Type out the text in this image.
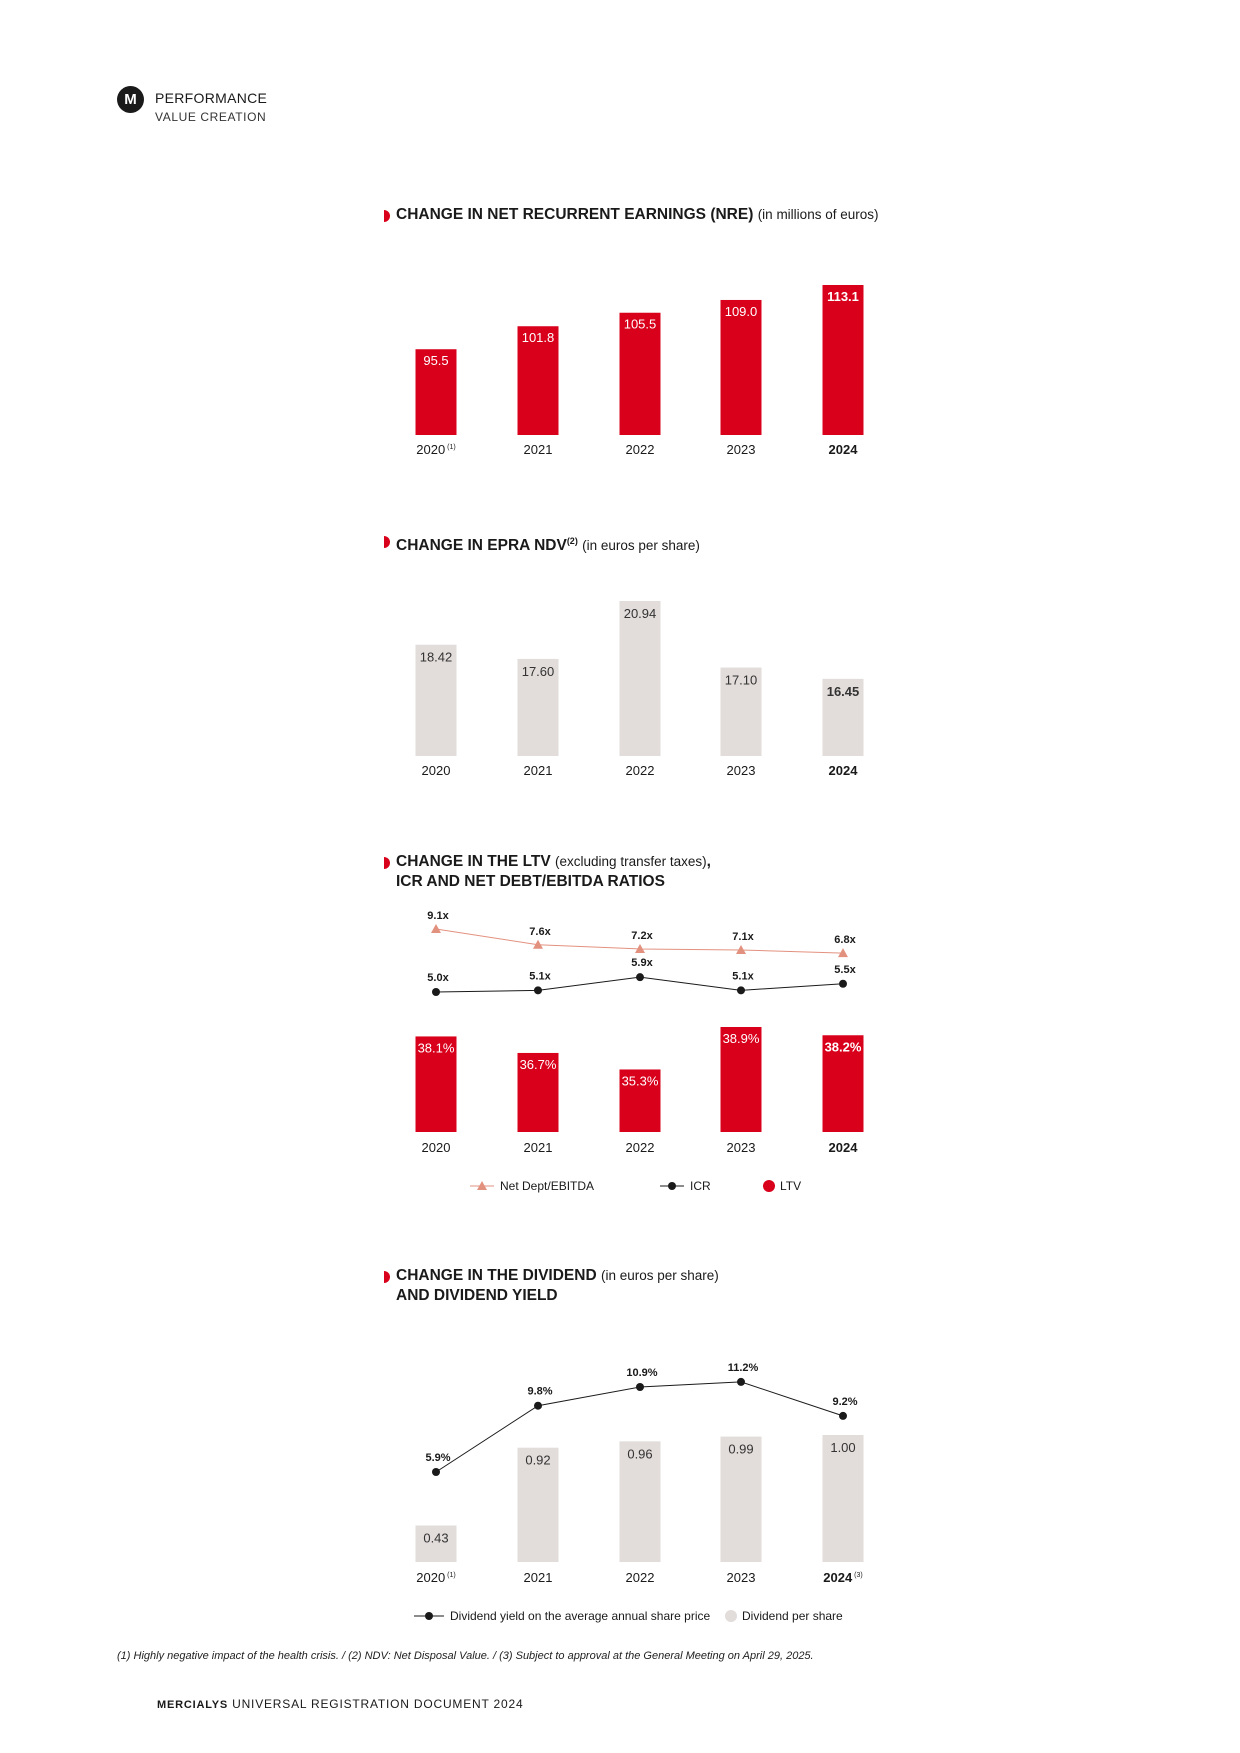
M	PERFORMANCE
VALUE CREATION
CHANGE IN NET RECURRENT EARNINGS (NRE) (in millions of euros)
95.5
101.8
105.5
109.0
113.1
2020 $^{(1)}$	2021	2022	2023	2024
CHANGE IN EPRA NDV$^{(2)}$ (in euros per share)
18.42
17.60
20.94
17.10
16.45
2020	2021	2022	2023	2024
CHANGE IN THE LTV (excluding transfer taxes),
ICR AND NET DEBT/EBITDA RATIOS
38.1%
36.7%
35.3%
38.9%
38.2%
2020	2021	2022	2023	2024
9.1x
7.6x	7.2x	7.1x	6.8x
5.0x	5.1x
5.9x
5.1x
5.5x
Net Dept/EBITDA	ICR	LTV
CHANGE IN THE DIVIDEND (in euros per share)
AND DIVIDEND YIELD
0.43
0.92	0.96	0.99	1.00
2020 $^{(1)}$	2021	2022	2023	2024 $^{(3)}$
5.9%
9.8%
10.9%	11.2%
9.2%
Dividend yield on the average annual share price	Dividend per share
(1) Highly negative impact of the health crisis. / (2) NDV: Net Disposal Value. / (3) Subject to approval at the General Meeting on April 29, 2025.
MERCIALYS UNIVERSAL REGISTRATION DOCUMENT 2024
